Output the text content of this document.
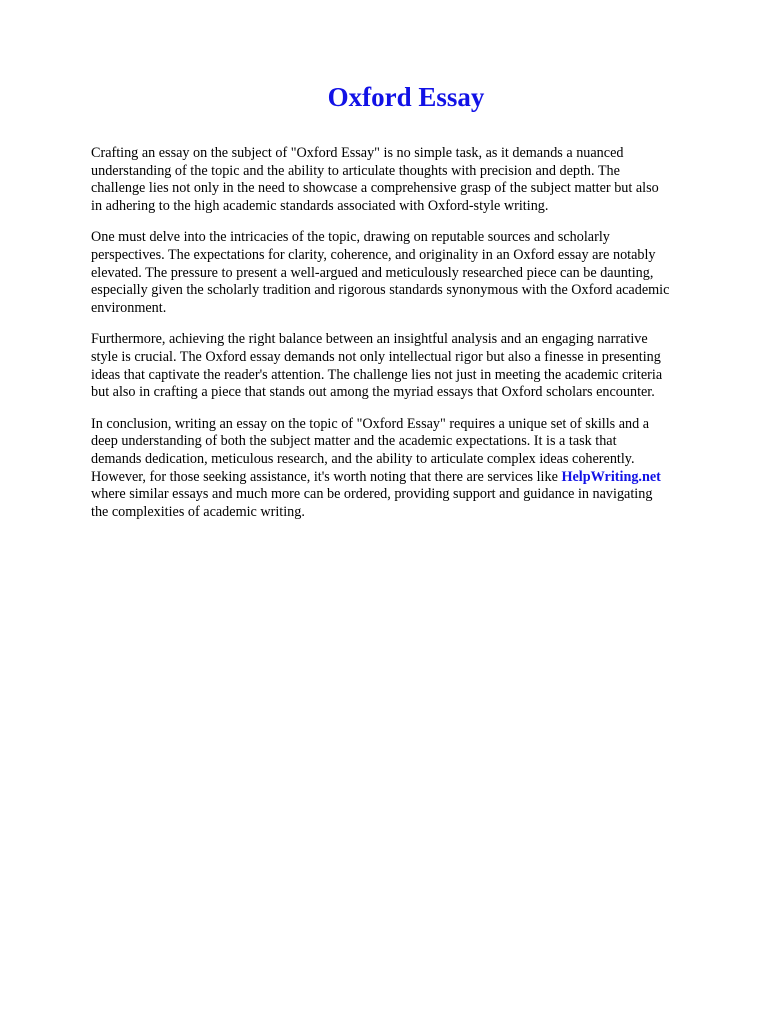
Oxford Essay

Crafting an essay on the subject of "Oxford Essay" is no simple task, as it demands a nuanced
understanding of the topic and the ability to articulate thoughts with precision and depth. The
challenge lies not only in the need to showcase a comprehensive grasp of the subject matter but also
in adhering to the high academic standards associated with Oxford-style writing.

One must delve into the intricacies of the topic, drawing on reputable sources and scholarly
perspectives. The expectations for clarity, coherence, and originality in an Oxford essay are notably
elevated. The pressure to present a well-argued and meticulously researched piece can be daunting,
especially given the scholarly tradition and rigorous standards synonymous with the Oxford academic
environment.

Furthermore, achieving the right balance between an insightful analysis and an engaging narrative
style is crucial. The Oxford essay demands not only intellectual rigor but also a finesse in presenting
ideas that captivate the reader's attention. The challenge lies not just in meeting the academic criteria
but also in crafting a piece that stands out among the myriad essays that Oxford scholars encounter.

In conclusion, writing an essay on the topic of "Oxford Essay" requires a unique set of skills and a
deep understanding of both the subject matter and the academic expectations. It is a task that
demands dedication, meticulous research, and the ability to articulate complex ideas coherently.
However, for those seeking assistance, it's worth noting that there are services like HelpWriting.net
where similar essays and much more can be ordered, providing support and guidance in navigating
the complexities of academic writing.
